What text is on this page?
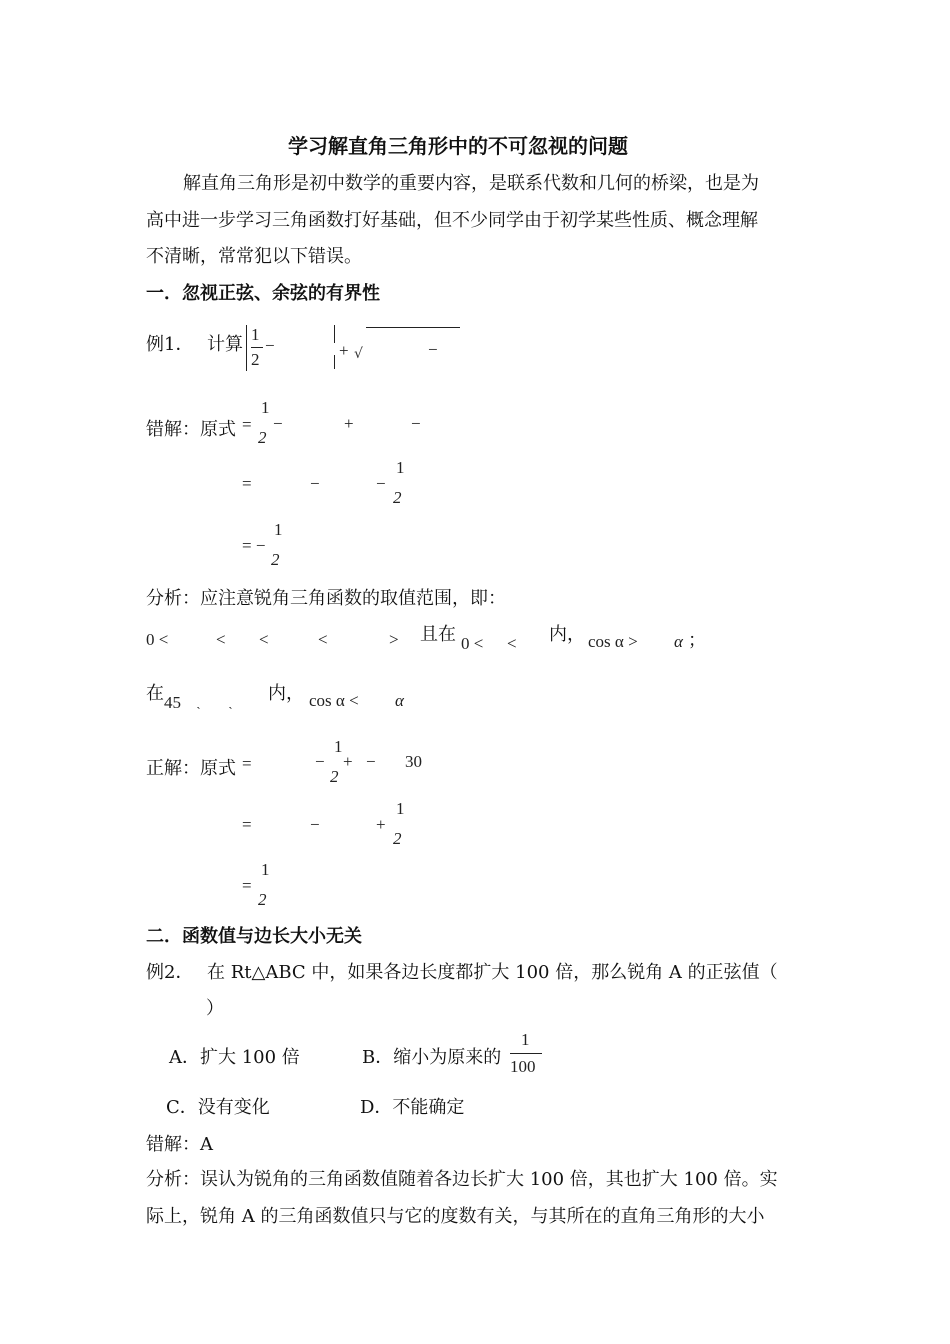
学习解直角三角形中的不可忽视的问题
解直角三角形是初中数学的重要内容，是联系代数和几何的桥梁，也是为
高中进一步学习三角函数打好基础，但不少同学由于初学某些性质、概念理解
不清晰，常常犯以下错误。
一．忽视正弦、余弦的有界性
例1． 计算 1
2
−	+ √	−
错解：原式 =
1
2
−	+	−
=	−	−
1
2
= −
1
2
分析：应注意锐角三角函数的取值范围，即：
0 <	< <	<	> 且在 0 < < 内， cos α > α ；
在 45 ˎ ˎ 内， cos α < α
正解：原式 =	−
1
2
+ − 30
=	−	+
1
2
=
1
2
二．函数值与边长大小无关
例2． 在 Rt△ABC 中，如果各边长度都扩大 100 倍，那么锐角 A 的正弦值（
）
A．扩大 100 倍	B．缩小为原来的
1
100
C．没有变化	D．不能确定
错解：A
分析：误认为锐角的三角函数值随着各边长扩大 100 倍，其也扩大 100 倍。实
际上，锐角 A 的三角函数值只与它的度数有关，与其所在的直角三角形的大小
